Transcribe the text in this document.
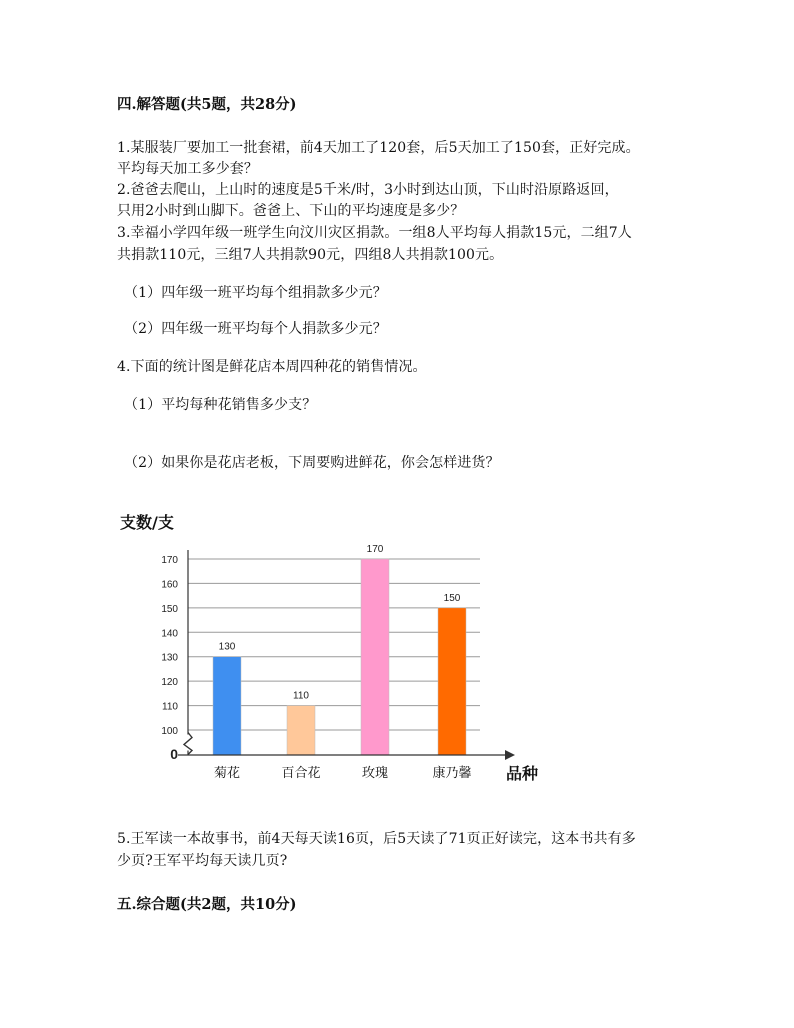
四.解答题(共5题，共28分)
1.某服装厂要加工一批套裙，前4天加工了120套，后5天加工了150套，正好完成。
平均每天加工多少套？
2.爸爸去爬山，上山时的速度是5千米/时，3小时到达山顶，下山时沿原路返回，
只用2小时到山脚下。爸爸上、下山的平均速度是多少？
3.幸福小学四年级一班学生向汶川灾区捐款。一组8人平均每人捐款15元，二组7人
共捐款110元，三组7人共捐款90元，四组8人共捐款100元。
（1）四年级一班平均每个组捐款多少元？
（2）四年级一班平均每个人捐款多少元？
4.下面的统计图是鲜花店本周四种花的销售情况。
（1）平均每种花销售多少支？
（2）如果你是花店老板，下周要购进鲜花，你会怎样进货？
支数/支
0
100
110
120
130
140
150
160
170
130
110
170
150
菊花	百合花	玫瑰	康乃馨 品种
5.王军读一本故事书，前4天每天读16页，后5天读了71页正好读完，这本书共有多
少页?王军平均每天读几页?
五.综合题(共2题，共10分)
